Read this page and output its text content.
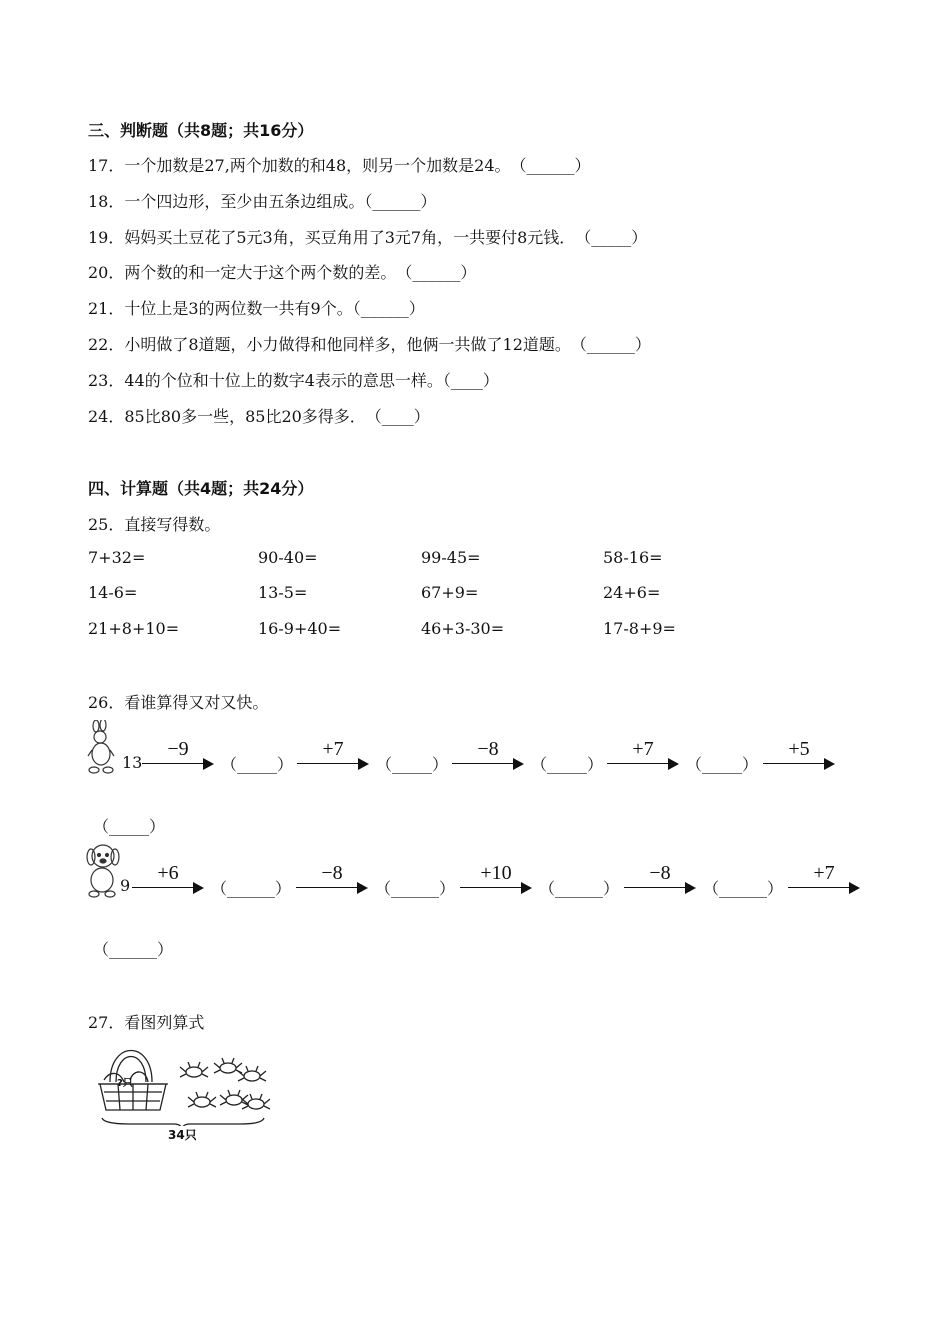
三、判断题（共8题；共16分）
17．一个加数是27,两个加数的和48，则另一个加数是24。　（______）
18．一个四边形，至少由五条边组成。（______）
19．妈妈买土豆花了5元3角，买豆角用了3元7角，一共要付8元钱．　（_____）
20．两个数的和一定大于这个两个数的差。　（______）
21．十位上是3的两位数一共有9个。（______）
22．小明做了8道题，小力做得和他同样多，他俩一共做了12道题。　（______）
23．44的个位和十位上的数字4表示的意思一样。（____）
24．85比80多一些，85比20多得多．　（____）
四、计算题（共4题；共24分）
25．直接写得数。
7+32=	90-40=	99-45=	58-16=
14-6=	13-5=	67+9=	24+6=
21+8+10=	16-9+40=	46+3-30=	17-8+9=
26．看谁算得又对又快。
13
−9
（_____）
+7
（_____）
−8
（_____）
+7
（_____）
+5
（_____）
9
+6
（______）
−8
（______）
+10
（______）
−8
（______）
+7
（______）
27．看图列算式
?只
34只
